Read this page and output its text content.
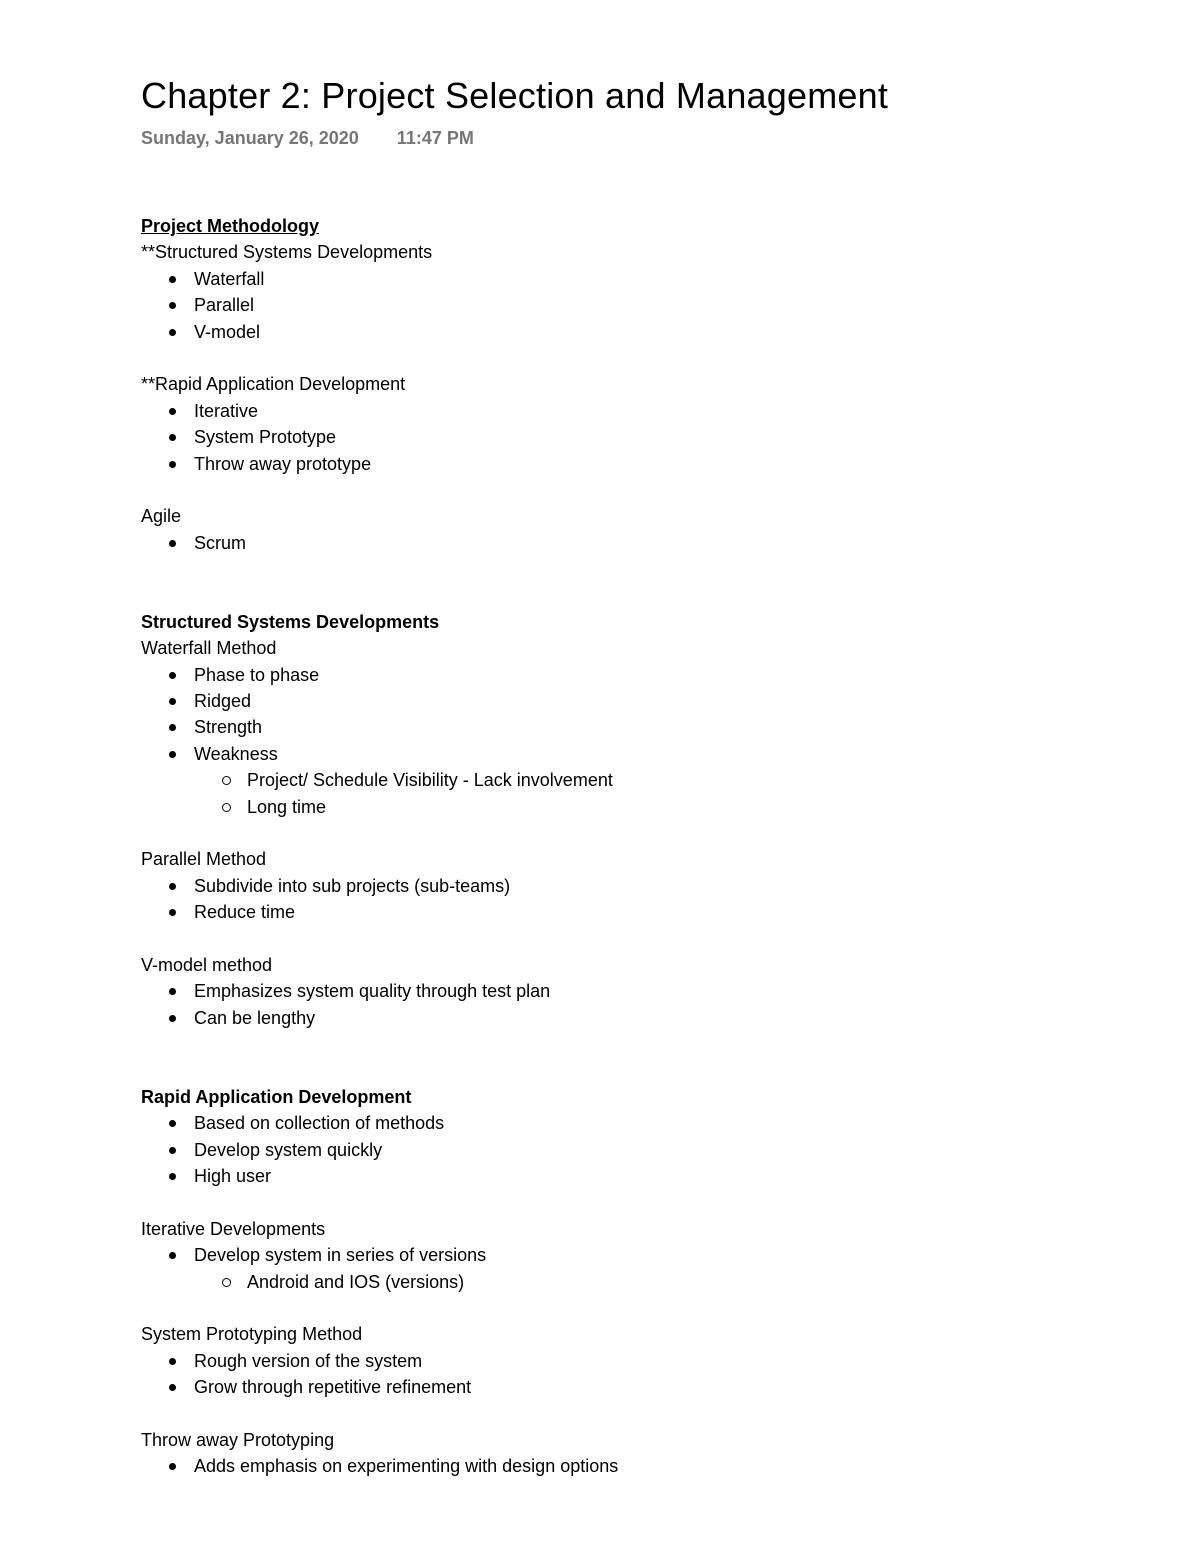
Chapter 2: Project Selection and Management
Sunday, January 26, 2020 11:47 PM
Project Methodology
**Structured Systems Developments
Waterfall
Parallel
V-model
**Rapid Application Development
Iterative
System Prototype
Throw away prototype
Agile
Scrum
Structured Systems Developments
Waterfall Method
Phase to phase
Ridged
Strength
Weakness
Project/ Schedule Visibility - Lack involvement
Long time
Parallel Method
Subdivide into sub projects (sub-teams)
Reduce time
V-model method
Emphasizes system quality through test plan
Can be lengthy
Rapid Application Development
Based on collection of methods
Develop system quickly
High user
Iterative Developments
Develop system in series of versions
Android and IOS (versions)
System Prototyping Method
Rough version of the system
Grow through repetitive refinement
Throw away Prototyping
Adds emphasis on experimenting with design options
